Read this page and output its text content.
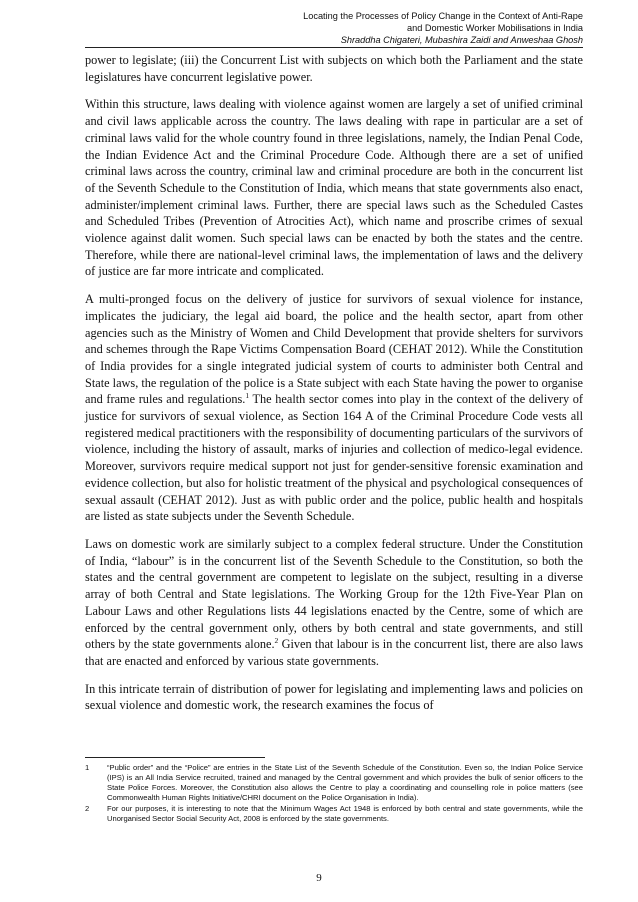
Locating the Processes of Policy Change in the Context of Anti-Rape
and Domestic Worker Mobilisations in India
Shraddha Chigateri, Mubashira Zaidi and Anweshaa Ghosh

power to legislate; (iii) the Concurrent List with subjects on which both the Parliament and the state legislatures have concurrent legislative power.

Within this structure, laws dealing with violence against women are largely a set of unified criminal and civil laws applicable across the country. The laws dealing with rape in particular are a set of criminal laws valid for the whole country found in three legislations, namely, the Indian Penal Code, the Indian Evidence Act and the Criminal Procedure Code. Although there are a set of unified criminal laws across the country, criminal law and criminal procedure are both in the concurrent list of the Seventh Schedule to the Constitution of India, which means that state governments also enact, administer/implement criminal laws. Further, there are special laws such as the Scheduled Castes and Scheduled Tribes (Prevention of Atrocities Act), which name and proscribe crimes of sexual violence against dalit women. Such special laws can be enacted by both the states and the centre. Therefore, while there are national-level criminal laws, the implementation of laws and the delivery of justice are far more intricate and complicated.

A multi-pronged focus on the delivery of justice for survivors of sexual violence for instance, implicates the judiciary, the legal aid board, the police and the health sector, apart from other agencies such as the Ministry of Women and Child Development that provide shelters for survivors and schemes through the Rape Victims Compensation Board (CEHAT 2012). While the Constitution of India provides for a single integrated judicial system of courts to administer both Central and State laws, the regulation of the police is a State subject with each State having the power to organise and frame rules and regulations.$^1$ The health sector comes into play in the context of the delivery of justice for survivors of sexual violence, as Section 164 A of the Criminal Procedure Code vests all registered medical practitioners with the responsibility of documenting particulars of the survivors of violence, including the history of assault, marks of injuries and collection of medico-legal evidence. Moreover, survivors require medical support not just for gender-sensitive forensic examination and evidence collection, but also for holistic treatment of the physical and psychological consequences of sexual assault (CEHAT 2012). Just as with public order and the police, public health and hospitals are listed as state subjects under the Seventh Schedule.

Laws on domestic work are similarly subject to a complex federal structure. Under the Constitution of India, “labour” is in the concurrent list of the Seventh Schedule to the Constitution, so both the states and the central government are competent to legislate on the subject, resulting in a diverse array of both Central and State legislations. The Working Group for the 12th Five-Year Plan on Labour Laws and other Regulations lists 44 legislations enacted by the Centre, some of which are enforced by the central government only, others by both central and state governments, and still others by the state governments alone.$^2$ Given that labour is in the concurrent list, there are also laws that are enacted and enforced by various state governments.

In this intricate terrain of distribution of power for legislating and implementing laws and policies on sexual violence and domestic work, the research examines the focus of

1	“Public order” and the “Police” are entries in the State List of the Seventh Schedule of the Constitution. Even so, the Indian Police Service (IPS) is an All India Service recruited, trained and managed by the Central government and which provides the bulk of senior officers to the State Police Forces. Moreover, the Constitution also allows the Centre to play a coordinating and counselling role in police matters (see Commonwealth Human Rights Initiative/CHRI document on the Police Organisation in India).
2	For our purposes, it is interesting to note that the Minimum Wages Act 1948 is enforced by both central and state governments, while the Unorganised Sector Social Security Act, 2008 is enforced by the state governments.
9
